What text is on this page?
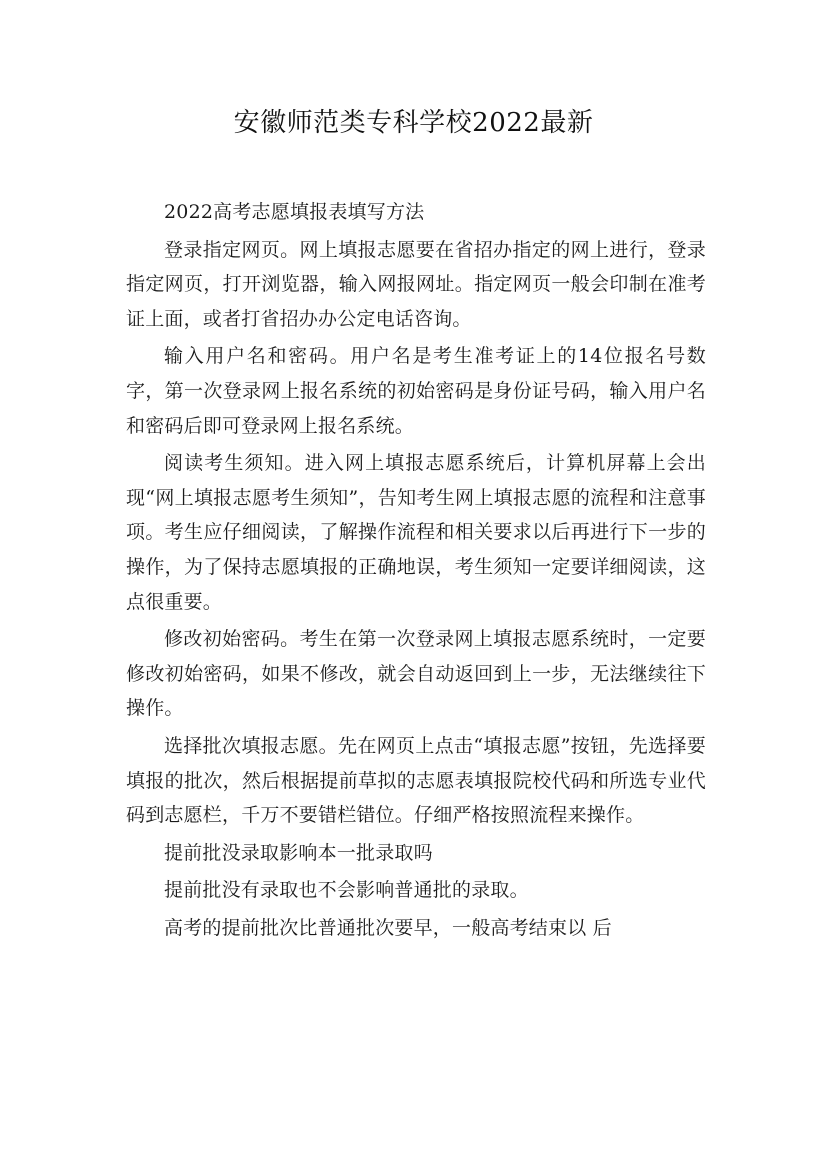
安徽师范类专科学校2022最新

2022高考志愿填报表填写方法

登录指定网页。网上填报志愿要在省招办指定的网上进行，登录指定网页，打开浏览器，输入网报网址。指定网页一般会印制在准考证上面，或者打省招办办公定电话咨询。

输入用户名和密码。用户名是考生准考证上的14位报名号数字，第一次登录网上报名系统的初始密码是身份证号码，输入用户名和密码后即可登录网上报名系统。

阅读考生须知。进入网上填报志愿系统后，计算机屏幕上会出现“网上填报志愿考生须知”，告知考生网上填报志愿的流程和注意事项。考生应仔细阅读，了解操作流程和相关要求以后再进行下一步的操作，为了保持志愿填报的正确地误，考生须知一定要详细阅读，这点很重要。

修改初始密码。考生在第一次登录网上填报志愿系统时，一定要修改初始密码，如果不修改，就会自动返回到上一步，无法继续往下操作。

选择批次填报志愿。先在网页上点击“填报志愿”按钮，先选择要填报的批次，然后根据提前草拟的志愿表填报院校代码和所选专业代码到志愿栏，千万不要错栏错位。仔细严格按照流程来操作。

提前批没录取影响本一批录取吗

提前批没有录取也不会影响普通批的录取。

高考的提前批次比普通批次要早，一般高考结束以 后
